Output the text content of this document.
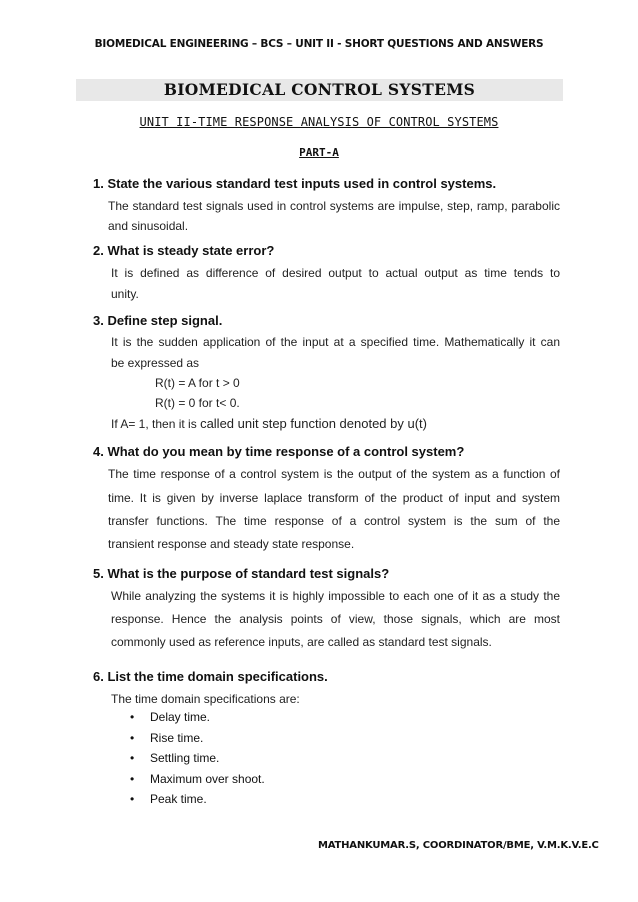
BIOMEDICAL ENGINEERING – BCS – UNIT II - SHORT QUESTIONS AND ANSWERS
BIOMEDICAL CONTROL SYSTEMS
UNIT II-TIME RESPONSE ANALYSIS OF CONTROL SYSTEMS
PART-A
1. State the various standard test inputs used in control systems.
The standard test signals used in control systems are impulse, step, ramp, parabolic
and sinusoidal.
2. What is steady state error?
It is defined as difference of desired output to actual output as time tends to
unity.
3. Define step signal.
It is the sudden application of the input at a specified time. Mathematically it can
be expressed as
R(t) = A for t > 0
R(t) = 0 for t< 0.
If A= 1, then it is called unit step function denoted by u(t)
4. What do you mean by time response of a control system?
The time response of a control system is the output of the system as a function of
time. It is given by inverse laplace transform of the product of input and system
transfer functions. The time response of a control system is the sum of the
transient response and steady state response.
5. What is the purpose of standard test signals?
While analyzing the systems it is highly impossible to each one of it as a study the
response. Hence the analysis points of view, those signals, which are most
commonly used as reference inputs, are called as standard test signals.
6. List the time domain specifications.
The time domain specifications are:
• Delay time.
• Rise time.
• Settling time.
• Maximum over shoot.
• Peak time.
MATHANKUMAR.S, COORDINATOR/BME, V.M.K.V.E.C
